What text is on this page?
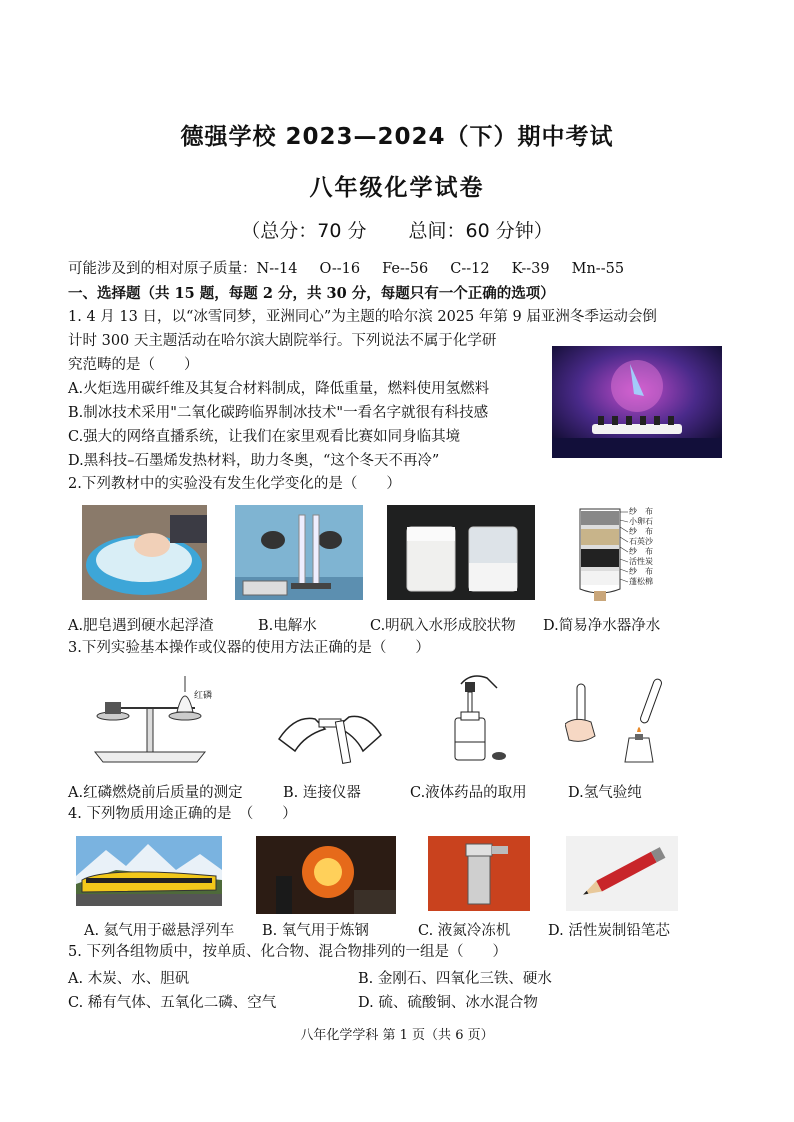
德强学校 2023—2024（下）期中考试
八年级化学试卷
（总分：70 分 总间：60 分钟）
可能涉及到的相对原子质量：N--14 O--16 Fe--56 C--12 K--39 Mn--55
一、选择题（共 15 题，每题 2 分，共 30 分，每题只有一个正确的选项）
1. 4 月 13 日，以“冰雪同梦，亚洲同心”为主题的哈尔滨 2025 年第 9 届亚洲冬季运动会倒
计时 300 天主题活动在哈尔滨大剧院举行。下列说法不属于化学研
究范畴的是（　　）
A.火炬选用碳纤维及其复合材料制成，降低重量，燃料使用氢燃料
B.制冰技术采用"二氧化碳跨临界制冰技术"一看名字就很有科技感
C.强大的网络直播系统，让我们在家里观看比赛如同身临其境
D.黑科技–石墨烯发热材料，助力冬奥，“这个冬天不再冷”
2.下列教材中的实验没有发生化学变化的是（　　）
纱　布
小卵石
纱　布
石英沙
纱　布
活性炭
纱　布
蓬松棉
A.肥皂遇到硬水起浮渣	B.电解水	C.明矾入水形成胶状物 D.简易净水器净水
3.下列实验基本操作或仪器的使用方法正确的是（　　）
红磷
A.红磷燃烧前后质量的测定	B. 连接仪器	C.液体药品的取用	D.氢气验纯
4. 下列物质用途正确的是　（　　）
A. 氦气用于磁悬浮列车 B. 氧气用于炼钢	C. 液氮冷冻机	D. 活性炭制铅笔芯
5. 下列各组物质中，按单质、化合物、混合物排列的一组是（　　）
A. 木炭、水、胆矾	B. 金刚石、四氧化三铁、硬水
C. 稀有气体、五氧化二磷、空气	D. 硫、硫酸铜、冰水混合物
八年化学学科 第 1 页（共 6 页）
